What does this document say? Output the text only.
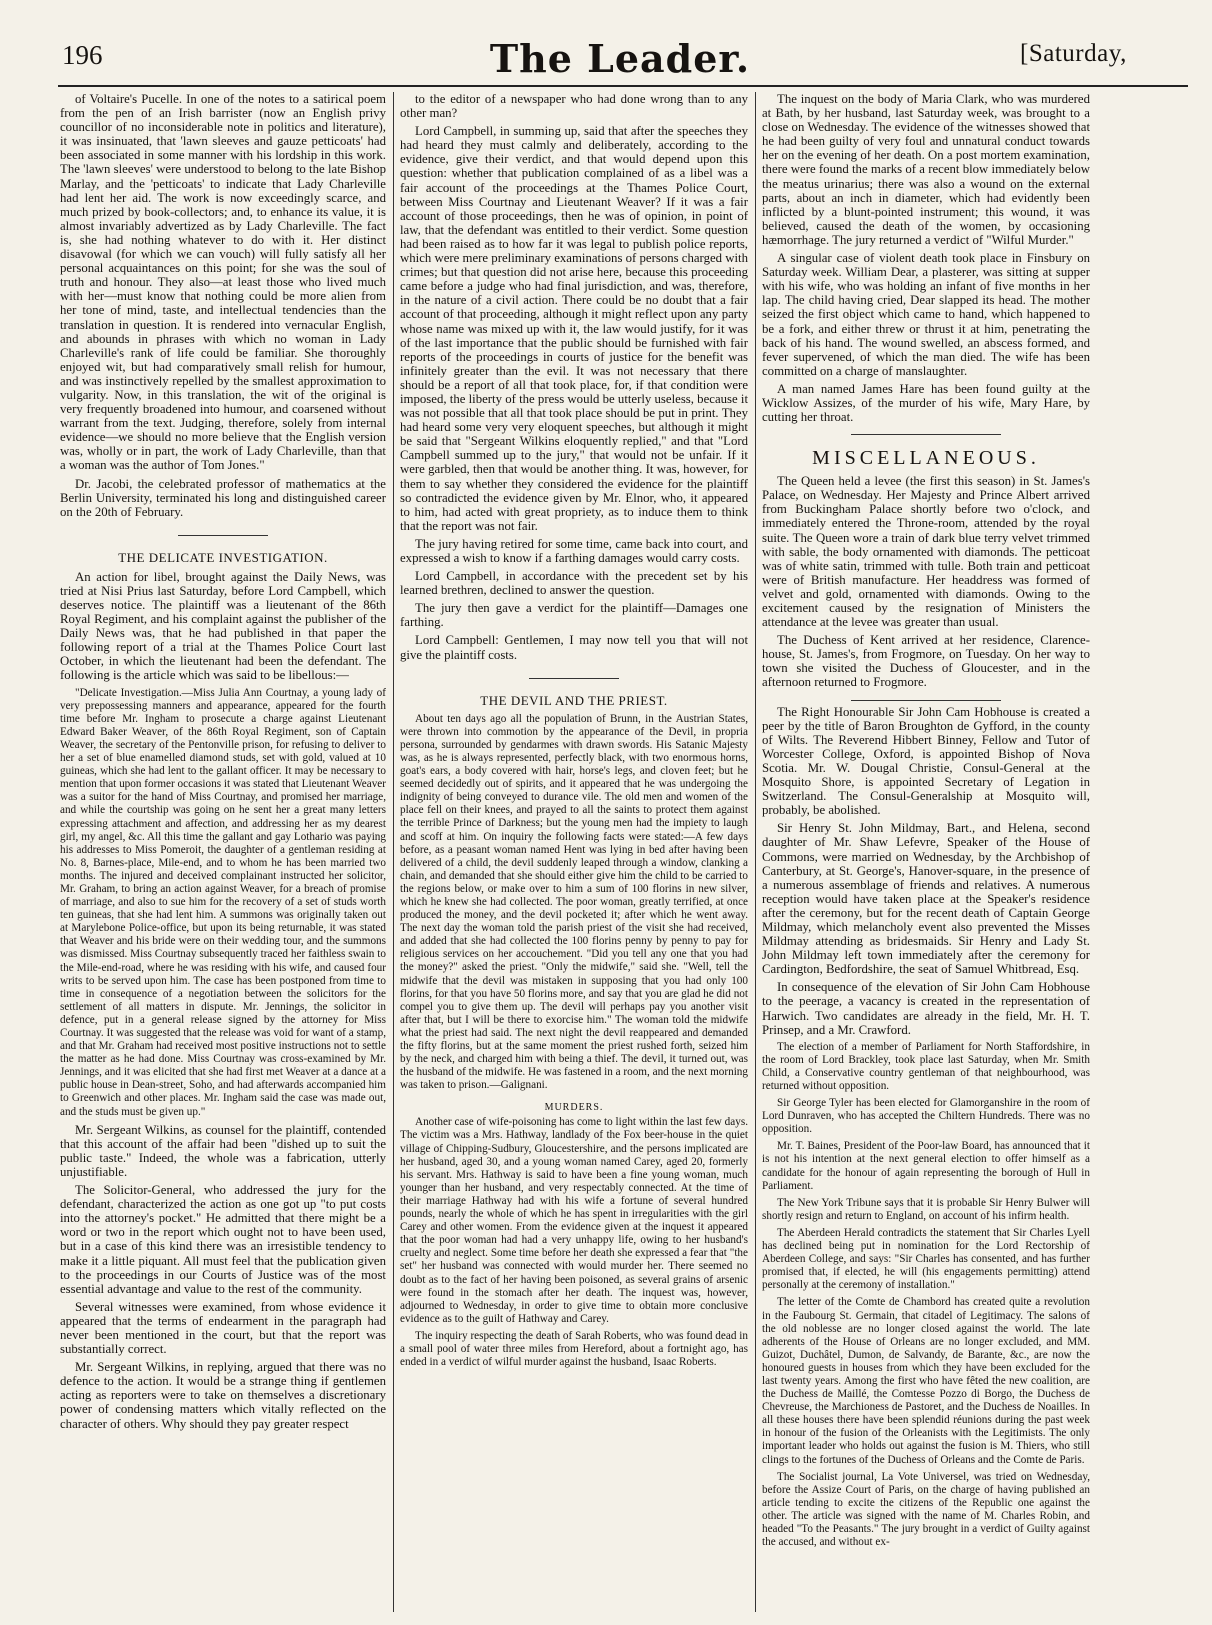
196	The Leader.	[Saturday,

of Voltaire's Pucelle. In one of the notes to a satirical poem from the pen of an Irish barrister (now an English privy councillor of no inconsiderable note in politics and literature), it was insinuated, that 'lawn sleeves and gauze petticoats' had been associated in some manner with his lordship in this work. The 'lawn sleeves' were understood to belong to the late Bishop Marlay, and the 'petticoats' to indicate that Lady Charleville had lent her aid. The work is now exceedingly scarce, and much prized by book-collectors; and, to enhance its value, it is almost invariably advertized as by Lady Charleville. The fact is, she had nothing whatever to do with it. Her distinct disavowal (for which we can vouch) will fully satisfy all her personal acquaintances on this point; for she was the soul of truth and honour. They also—at least those who lived much with her—must know that nothing could be more alien from her tone of mind, taste, and intellectual tendencies than the translation in question. It is rendered into vernacular English, and abounds in phrases with which no woman in Lady Charleville's rank of life could be familiar. She thoroughly enjoyed wit, but had comparatively small relish for humour, and was instinctively repelled by the smallest approximation to vulgarity. Now, in this translation, the wit of the original is very frequently broadened into humour, and coarsened without warrant from the text. Judging, therefore, solely from internal evidence—we should no more believe that the English version was, wholly or in part, the work of Lady Charleville, than that a woman was the author of Tom Jones."

Dr. Jacobi, the celebrated professor of mathematics at the Berlin University, terminated his long and distinguished career on the 20th of February.

THE DELICATE INVESTIGATION.

An action for libel, brought against the Daily News, was tried at Nisi Prius last Saturday, before Lord Campbell, which deserves notice. The plaintiff was a lieutenant of the 86th Royal Regiment, and his complaint against the publisher of the Daily News was, that he had published in that paper the following report of a trial at the Thames Police Court last October, in which the lieutenant had been the defendant. The following is the article which was said to be libellous:—

"Delicate Investigation.—Miss Julia Ann Courtnay, a young lady of very prepossessing manners and appearance, appeared for the fourth time before Mr. Ingham to prosecute a charge against Lieutenant Edward Baker Weaver, of the 86th Royal Regiment, son of Captain Weaver, the secretary of the Pentonville prison, for refusing to deliver to her a set of blue enamelled diamond studs, set with gold, valued at 10 guineas, which she had lent to the gallant officer. It may be necessary to mention that upon former occasions it was stated that Lieutenant Weaver was a suitor for the hand of Miss Courtnay, and promised her marriage, and while the courtship was going on he sent her a great many letters expressing attachment and affection, and addressing her as my dearest girl, my angel, &c. All this time the gallant and gay Lothario was paying his addresses to Miss Pomeroit, the daughter of a gentleman residing at No. 8, Barnes-place, Mile-end, and to whom he has been married two months. The injured and deceived complainant instructed her solicitor, Mr. Graham, to bring an action against Weaver, for a breach of promise of marriage, and also to sue him for the recovery of a set of studs worth ten guineas, that she had lent him. A summons was originally taken out at Marylebone Police-office, but upon its being returnable, it was stated that Weaver and his bride were on their wedding tour, and the summons was dismissed. Miss Courtnay subsequently traced her faithless swain to the Mile-end-road, where he was residing with his wife, and caused four writs to be served upon him. The case has been postponed from time to time in consequence of a negotiation between the solicitors for the settlement of all matters in dispute. Mr. Jennings, the solicitor in defence, put in a general release signed by the attorney for Miss Courtnay. It was suggested that the release was void for want of a stamp, and that Mr. Graham had received most positive instructions not to settle the matter as he had done. Miss Courtnay was cross-examined by Mr. Jennings, and it was elicited that she had first met Weaver at a dance at a public house in Dean-street, Soho, and had afterwards accompanied him to Greenwich and other places. Mr. Ingham said the case was made out, and the studs must be given up."

Mr. Sergeant Wilkins, as counsel for the plaintiff, contended that this account of the affair had been "dished up to suit the public taste." Indeed, the whole was a fabrication, utterly unjustifiable.

The Solicitor-General, who addressed the jury for the defendant, characterized the action as one got up "to put costs into the attorney's pocket." He admitted that there might be a word or two in the report which ought not to have been used, but in a case of this kind there was an irresistible tendency to make it a little piquant. All must feel that the publication given to the proceedings in our Courts of Justice was of the most essential advantage and value to the rest of the community.

Several witnesses were examined, from whose evidence it appeared that the terms of endearment in the paragraph had never been mentioned in the court, but that the report was substantially correct.

Mr. Sergeant Wilkins, in replying, argued that there was no defence to the action. It would be a strange thing if gentlemen acting as reporters were to take on themselves a discretionary power of condensing matters which vitally reflected on the character of others. Why should they pay greater respect

to the editor of a newspaper who had done wrong than to any other man?

Lord Campbell, in summing up, said that after the speeches they had heard they must calmly and deliberately, according to the evidence, give their verdict, and that would depend upon this question: whether that publication complained of as a libel was a fair account of the proceedings at the Thames Police Court, between Miss Courtnay and Lieutenant Weaver? If it was a fair account of those proceedings, then he was of opinion, in point of law, that the defendant was entitled to their verdict. Some question had been raised as to how far it was legal to publish police reports, which were mere preliminary examinations of persons charged with crimes; but that question did not arise here, because this proceeding came before a judge who had final jurisdiction, and was, therefore, in the nature of a civil action. There could be no doubt that a fair account of that proceeding, although it might reflect upon any party whose name was mixed up with it, the law would justify, for it was of the last importance that the public should be furnished with fair reports of the proceedings in courts of justice for the benefit was infinitely greater than the evil. It was not necessary that there should be a report of all that took place, for, if that condition were imposed, the liberty of the press would be utterly useless, because it was not possible that all that took place should be put in print. They had heard some very very eloquent speeches, but although it might be said that "Sergeant Wilkins eloquently replied," and that "Lord Campbell summed up to the jury," that would not be unfair. If it were garbled, then that would be another thing. It was, however, for them to say whether they considered the evidence for the plaintiff so contradicted the evidence given by Mr. Elnor, who, it appeared to him, had acted with great propriety, as to induce them to think that the report was not fair.

The jury having retired for some time, came back into court, and expressed a wish to know if a farthing damages would carry costs.

Lord Campbell, in accordance with the precedent set by his learned brethren, declined to answer the question.

The jury then gave a verdict for the plaintiff—Damages one farthing.

Lord Campbell: Gentlemen, I may now tell you that will not give the plaintiff costs.

THE DEVIL AND THE PRIEST.

About ten days ago all the population of Brunn, in the Austrian States, were thrown into commotion by the appearance of the Devil, in propria persona, surrounded by gendarmes with drawn swords. His Satanic Majesty was, as he is always represented, perfectly black, with two enormous horns, goat's ears, a body covered with hair, horse's legs, and cloven feet; but he seemed decidedly out of spirits, and it appeared that he was undergoing the indignity of being conveyed to durance vile. The old men and women of the place fell on their knees, and prayed to all the saints to protect them against the terrible Prince of Darkness; but the young men had the impiety to laugh and scoff at him. On inquiry the following facts were stated:—A few days before, as a peasant woman named Hent was lying in bed after having been delivered of a child, the devil suddenly leaped through a window, clanking a chain, and demanded that she should either give him the child to be carried to the regions below, or make over to him a sum of 100 florins in new silver, which he knew she had collected. The poor woman, greatly terrified, at once produced the money, and the devil pocketed it; after which he went away. The next day the woman told the parish priest of the visit she had received, and added that she had collected the 100 florins penny by penny to pay for religious services on her accouchement. "Did you tell any one that you had the money?" asked the priest. "Only the midwife," said she. "Well, tell the midwife that the devil was mistaken in supposing that you had only 100 florins, for that you have 50 florins more, and say that you are glad he did not compel you to give them up. The devil will perhaps pay you another visit after that, but I will be there to exorcise him." The woman told the midwife what the priest had said. The next night the devil reappeared and demanded the fifty florins, but at the same moment the priest rushed forth, seized him by the neck, and charged him with being a thief. The devil, it turned out, was the husband of the midwife. He was fastened in a room, and the next morning was taken to prison.—Galignani.

MURDERS.

Another case of wife-poisoning has come to light within the last few days. The victim was a Mrs. Hathway, landlady of the Fox beer-house in the quiet village of Chipping-Sudbury, Gloucestershire, and the persons implicated are her husband, aged 30, and a young woman named Carey, aged 20, formerly his servant. Mrs. Hathway is said to have been a fine young woman, much younger than her husband, and very respectably connected. At the time of their marriage Hathway had with his wife a fortune of several hundred pounds, nearly the whole of which he has spent in irregularities with the girl Carey and other women. From the evidence given at the inquest it appeared that the poor woman had had a very unhappy life, owing to her husband's cruelty and neglect. Some time before her death she expressed a fear that "the set" her husband was connected with would murder her. There seemed no doubt as to the fact of her having been poisoned, as several grains of arsenic were found in the stomach after her death. The inquest was, however, adjourned to Wednesday, in order to give time to obtain more conclusive evidence as to the guilt of Hathway and Carey.

The inquiry respecting the death of Sarah Roberts, who was found dead in a small pool of water three miles from Hereford, about a fortnight ago, has ended in a verdict of wilful murder against the husband, Isaac Roberts.

The inquest on the body of Maria Clark, who was murdered at Bath, by her husband, last Saturday week, was brought to a close on Wednesday. The evidence of the witnesses showed that he had been guilty of very foul and unnatural conduct towards her on the evening of her death. On a post mortem examination, there were found the marks of a recent blow immediately below the meatus urinarius; there was also a wound on the external parts, about an inch in diameter, which had evidently been inflicted by a blunt-pointed instrument; this wound, it was believed, caused the death of the women, by occasioning hæmorrhage. The jury returned a verdict of "Wilful Murder."

A singular case of violent death took place in Finsbury on Saturday week. William Dear, a plasterer, was sitting at supper with his wife, who was holding an infant of five months in her lap. The child having cried, Dear slapped its head. The mother seized the first object which came to hand, which happened to be a fork, and either threw or thrust it at him, penetrating the back of his hand. The wound swelled, an abscess formed, and fever supervened, of which the man died. The wife has been committed on a charge of manslaughter.

A man named James Hare has been found guilty at the Wicklow Assizes, of the murder of his wife, Mary Hare, by cutting her throat.

MISCELLANEOUS.

The Queen held a levee (the first this season) in St. James's Palace, on Wednesday. Her Majesty and Prince Albert arrived from Buckingham Palace shortly before two o'clock, and immediately entered the Throne-room, attended by the royal suite. The Queen wore a train of dark blue terry velvet trimmed with sable, the body ornamented with diamonds. The petticoat was of white satin, trimmed with tulle. Both train and petticoat were of British manufacture. Her headdress was formed of velvet and gold, ornamented with diamonds. Owing to the excitement caused by the resignation of Ministers the attendance at the levee was greater than usual.

The Duchess of Kent arrived at her residence, Clarence-house, St. James's, from Frogmore, on Tuesday. On her way to town she visited the Duchess of Gloucester, and in the afternoon returned to Frogmore.

The Right Honourable Sir John Cam Hobhouse is created a peer by the title of Baron Broughton de Gyfford, in the county of Wilts. The Reverend Hibbert Binney, Fellow and Tutor of Worcester College, Oxford, is appointed Bishop of Nova Scotia. Mr. W. Dougal Christie, Consul-General at the Mosquito Shore, is appointed Secretary of Legation in Switzerland. The Consul-Generalship at Mosquito will, probably, be abolished.

Sir Henry St. John Mildmay, Bart., and Helena, second daughter of Mr. Shaw Lefevre, Speaker of the House of Commons, were married on Wednesday, by the Archbishop of Canterbury, at St. George's, Hanover-square, in the presence of a numerous assemblage of friends and relatives. A numerous reception would have taken place at the Speaker's residence after the ceremony, but for the recent death of Captain George Mildmay, which melancholy event also prevented the Misses Mildmay attending as bridesmaids. Sir Henry and Lady St. John Mildmay left town immediately after the ceremony for Cardington, Bedfordshire, the seat of Samuel Whitbread, Esq.

In consequence of the elevation of Sir John Cam Hobhouse to the peerage, a vacancy is created in the representation of Harwich. Two candidates are already in the field, Mr. H. T. Prinsep, and a Mr. Crawford.

The election of a member of Parliament for North Staffordshire, in the room of Lord Brackley, took place last Saturday, when Mr. Smith Child, a Conservative country gentleman of that neighbourhood, was returned without opposition.

Sir George Tyler has been elected for Glamorganshire in the room of Lord Dunraven, who has accepted the Chiltern Hundreds. There was no opposition.

Mr. T. Baines, President of the Poor-law Board, has announced that it is not his intention at the next general election to offer himself as a candidate for the honour of again representing the borough of Hull in Parliament.

The New York Tribune says that it is probable Sir Henry Bulwer will shortly resign and return to England, on account of his infirm health.

The Aberdeen Herald contradicts the statement that Sir Charles Lyell has declined being put in nomination for the Lord Rectorship of Aberdeen College, and says: "Sir Charles has consented, and has further promised that, if elected, he will (his engagements permitting) attend personally at the ceremony of installation."

The letter of the Comte de Chambord has created quite a revolution in the Faubourg St. Germain, that citadel of Legitimacy. The salons of the old noblesse are no longer closed against the world. The late adherents of the House of Orleans are no longer excluded, and MM. Guizot, Duchâtel, Dumon, de Salvandy, de Barante, &c., are now the honoured guests in houses from which they have been excluded for the last twenty years. Among the first who have fêted the new coalition, are the Duchess de Maillé, the Comtesse Pozzo di Borgo, the Duchess de Chevreuse, the Marchioness de Pastoret, and the Duchess de Noailles. In all these houses there have been splendid réunions during the past week in honour of the fusion of the Orleanists with the Legitimists. The only important leader who holds out against the fusion is M. Thiers, who still clings to the fortunes of the Duchess of Orleans and the Comte de Paris.

The Socialist journal, La Vote Universel, was tried on Wednesday, before the Assize Court of Paris, on the charge of having published an article tending to excite the citizens of the Republic one against the other. The article was signed with the name of M. Charles Robin, and headed "To the Peasants." The jury brought in a verdict of Guilty against the accused, and without ex-
